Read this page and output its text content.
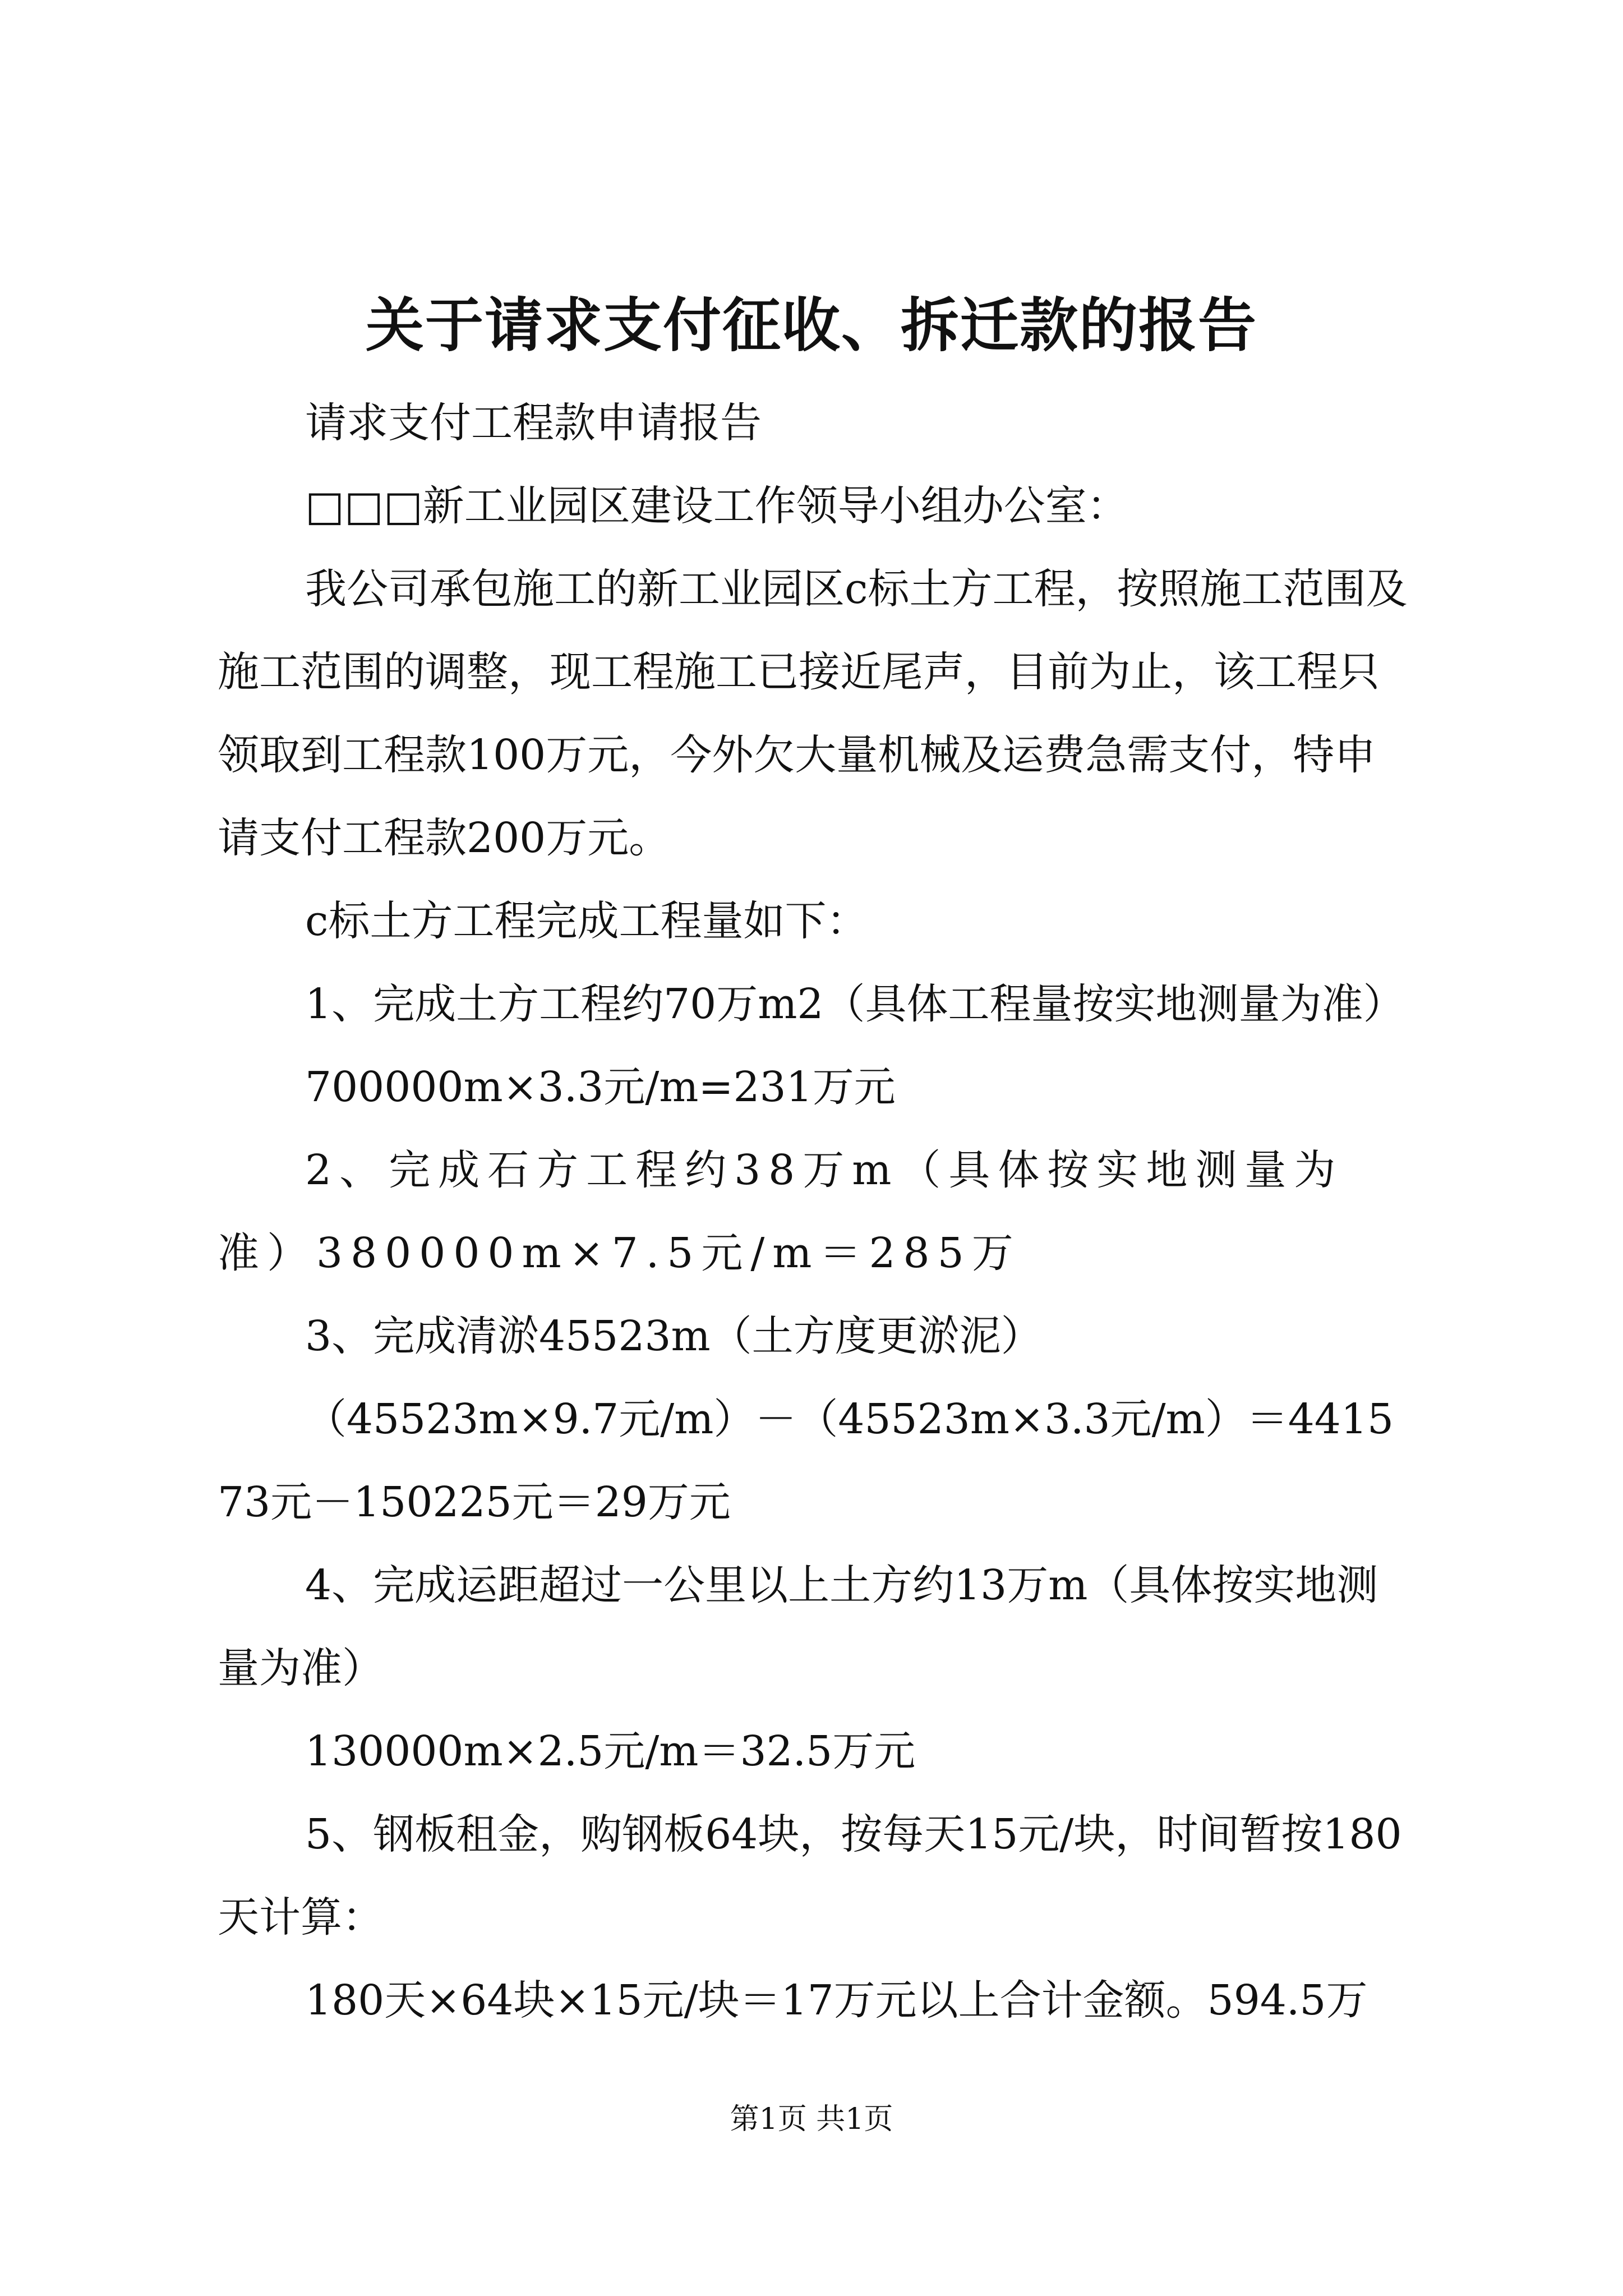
关于请求支付征收、拆迁款的报告

请求支付工程款申请报告

□□□新工业园区建设工作领导小组办公室：

我公司承包施工的新工业园区c标土方工程，按照施工范围及施工范围的调整，现工程施工已接近尾声，目前为止，该工程只领取到工程款100万元，今外欠大量机械及运费急需支付，特申请支付工程款200万元。

c标土方工程完成工程量如下：

1、完成土方工程约70万m2（具体工程量按实地测量为准）

700000m×3.3元/m=231万元

2、完成石方工程约38万m（具体按实地测量为准）380000m×7.5元/m＝285万

3、完成清淤45523m（土方度更淤泥）

（45523m×9.7元/m）－（45523m×3.3元/m）＝441573元－150225元＝29万元

4、完成运距超过一公里以上土方约13万m（具体按实地测量为准）

130000m×2.5元/m＝32.5万元

5、钢板租金，购钢板64块，按每天15元/块，时间暂按180天计算：

180天×64块×15元/块＝17万元以上合计金额。594.5万

第1页 共1页
